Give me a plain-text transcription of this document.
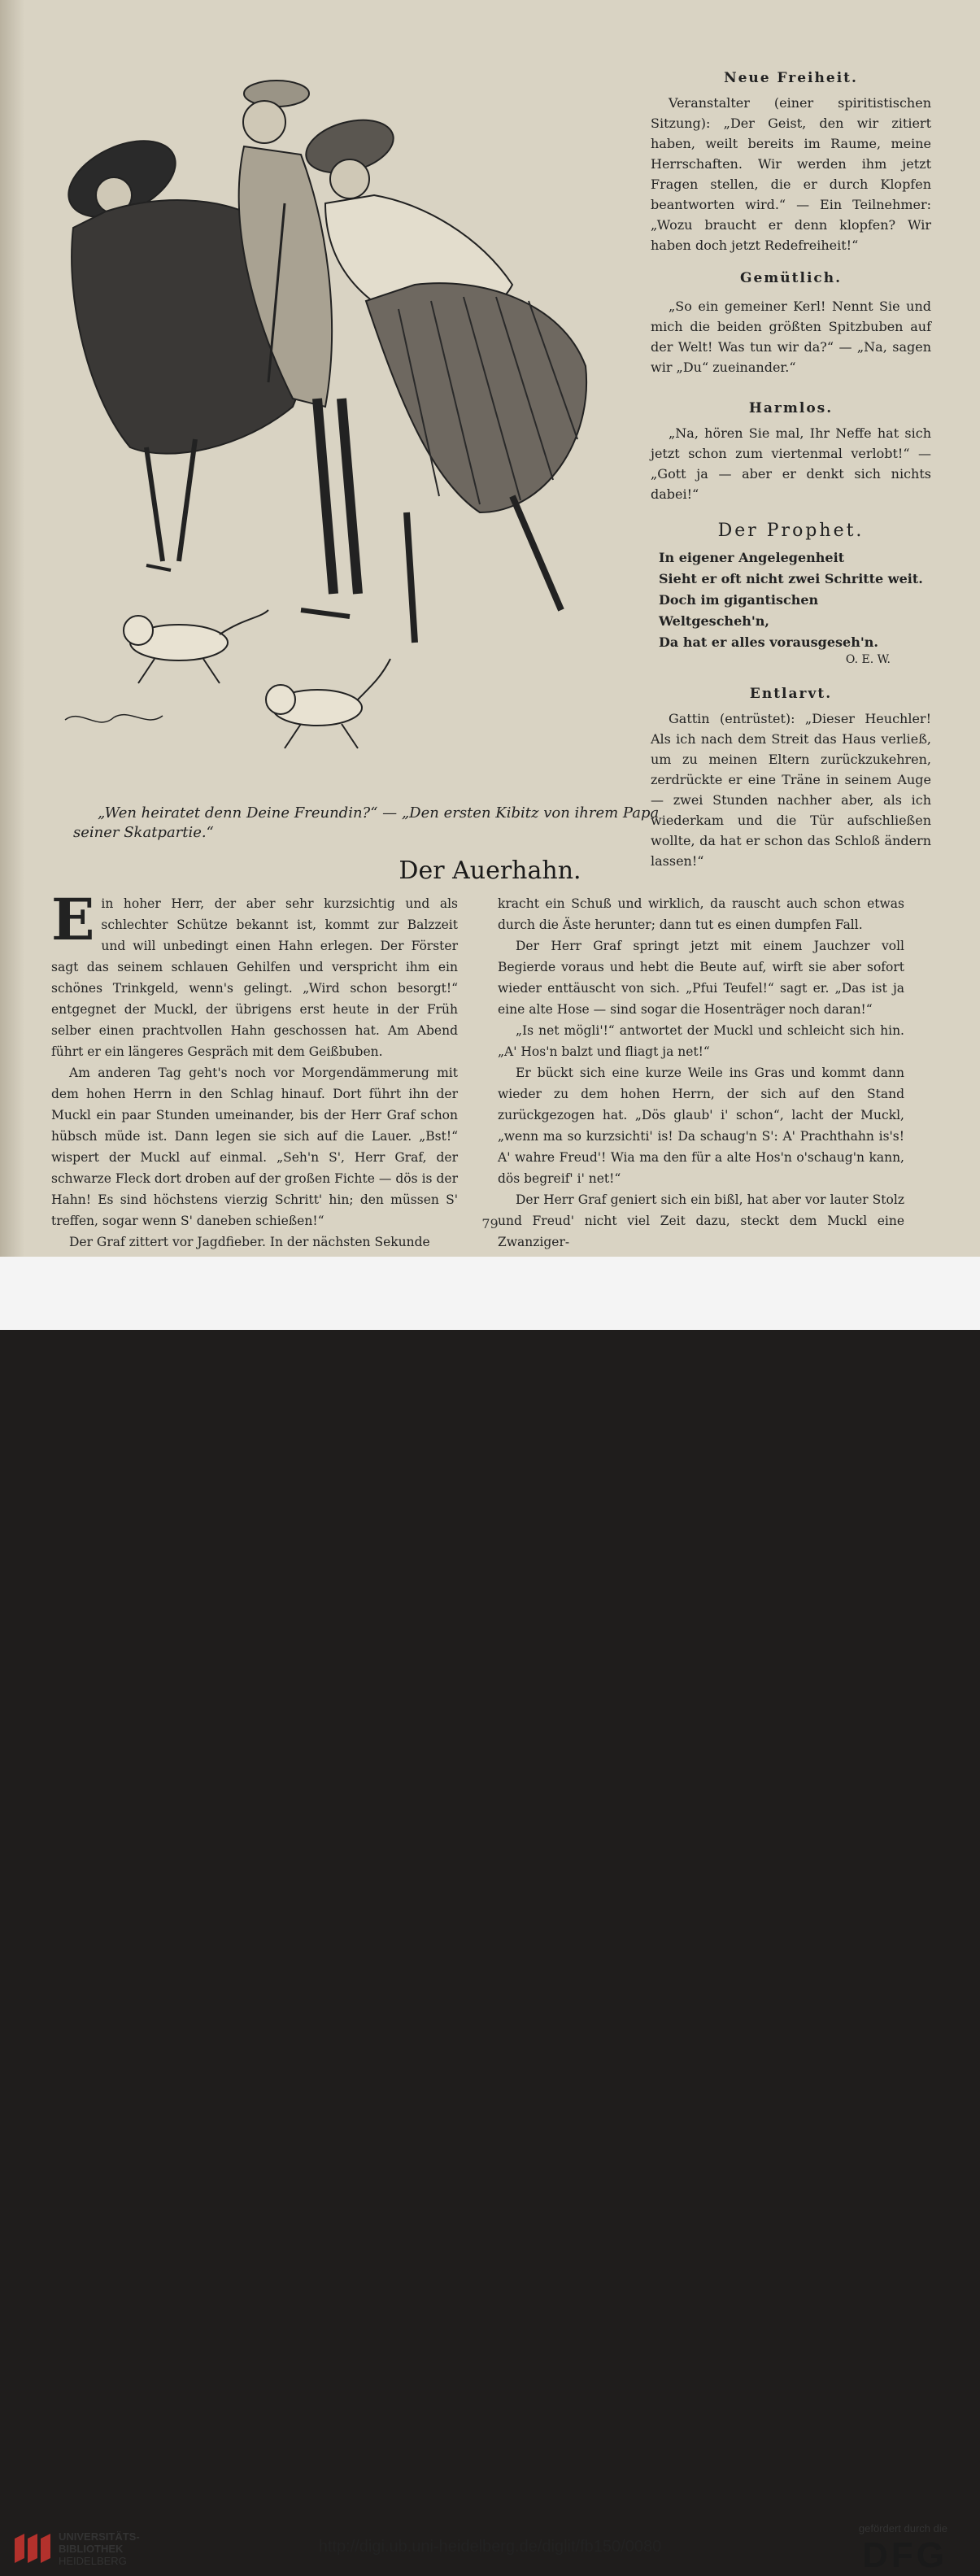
„Wen heiratet denn Deine Freundin?“ — „Den ersten Kibitz von ihrem Papa
seiner Skatpartie.“
Neue Freiheit.
Veranstalter (einer spiritistischen Sitzung): „Der Geist, den wir zitiert haben, weilt bereits im Raume, meine Herrschaften. Wir werden ihm jetzt Fragen stellen, die er durch Klopfen beantworten wird.“ — Ein Teilnehmer: „Wozu braucht er denn klopfen? Wir haben doch jetzt Redefreiheit!“
Gemütlich.
„So ein gemeiner Kerl! Nennt Sie und mich die beiden größten Spitzbuben auf der Welt! Was tun wir da?“ — „Na, sagen wir „Du“ zueinander.“
Harmlos.
„Na, hören Sie mal, Ihr Neffe hat sich jetzt schon zum viertenmal verlobt!“ — „Gott ja — aber er denkt sich nichts dabei!“
Der Prophet.
In eigener Angelegenheit
Sieht er oft nicht zwei Schritte weit.
Doch im gigantischen Weltgescheh'n,
Da hat er alles vorausgeseh'n.
O. E. W.
Entlarvt.
Gattin (entrüstet): „Dieser Heuchler! Als ich nach dem Streit das Haus verließ, um zu meinen Eltern zurückzukehren, zerdrückte er eine Träne in seinem Auge — zwei Stunden nachher aber, als ich wiederkam und die Tür aufschließen wollte, da hat er schon das Schloß ändern lassen!“
Der Auerhahn.

Ein hoher Herr, der aber sehr kurzsichtig und als schlechter Schütze bekannt ist, kommt zur Balzzeit und will unbedingt einen Hahn erlegen. Der Förster sagt das seinem schlauen Gehilfen und verspricht ihm ein schönes Trinkgeld, wenn's gelingt. „Wird schon besorgt!“ entgegnet der Muckl, der übrigens erst heute in der Früh selber einen prachtvollen Hahn geschossen hat. Am Abend führt er ein längeres Gespräch mit dem Geißbuben.

Am anderen Tag geht's noch vor Morgendämmerung mit dem hohen Herrn in den Schlag hinauf. Dort führt ihn der Muckl ein paar Stunden umeinander, bis der Herr Graf schon hübsch müde ist. Dann legen sie sich auf die Lauer. „Bst!“ wispert der Muckl auf einmal. „Seh'n S', Herr Graf, der schwarze Fleck dort droben auf der großen Fichte — dös is der Hahn! Es sind höchstens vierzig Schritt' hin; den müssen S' treffen, sogar wenn S' daneben schießen!“

Der Graf zittert vor Jagdfieber. In der nächsten Sekunde

kracht ein Schuß und wirklich, da rauscht auch schon etwas durch die Äste herunter; dann tut es einen dumpfen Fall.

Der Herr Graf springt jetzt mit einem Jauchzer voll Begierde voraus und hebt die Beute auf, wirft sie aber sofort wieder enttäuscht von sich. „Pfui Teufel!“ sagt er. „Das ist ja eine alte Hose — sind sogar die Hosenträger noch daran!“

„Is net mögli'!“ antwortet der Muckl und schleicht sich hin. „A' Hos'n balzt und fliagt ja net!“

Er bückt sich eine kurze Weile ins Gras und kommt dann wieder zu dem hohen Herrn, der sich auf den Stand zurückgezogen hat. „Dös glaub' i' schon“, lacht der Muckl, „wenn ma so kurzsichti' is! Da schaug'n S': A' Prachthahn is's! A' wahre Freud'! Wia ma den für a alte Hos'n o'schaug'n kann, dös begreif' i' net!“

Der Herr Graf geniert sich ein bißl, hat aber vor lauter Stolz und Freud' nicht viel Zeit dazu, steckt dem Muckl eine Zwanziger-

79
UNIVERSITÄTS-
BIBLIOTHEK
HEIDELBERG
http://digi.ub.uni-heidelberg.de/diglit/fb150/0080
gefördert durch die
DFG
